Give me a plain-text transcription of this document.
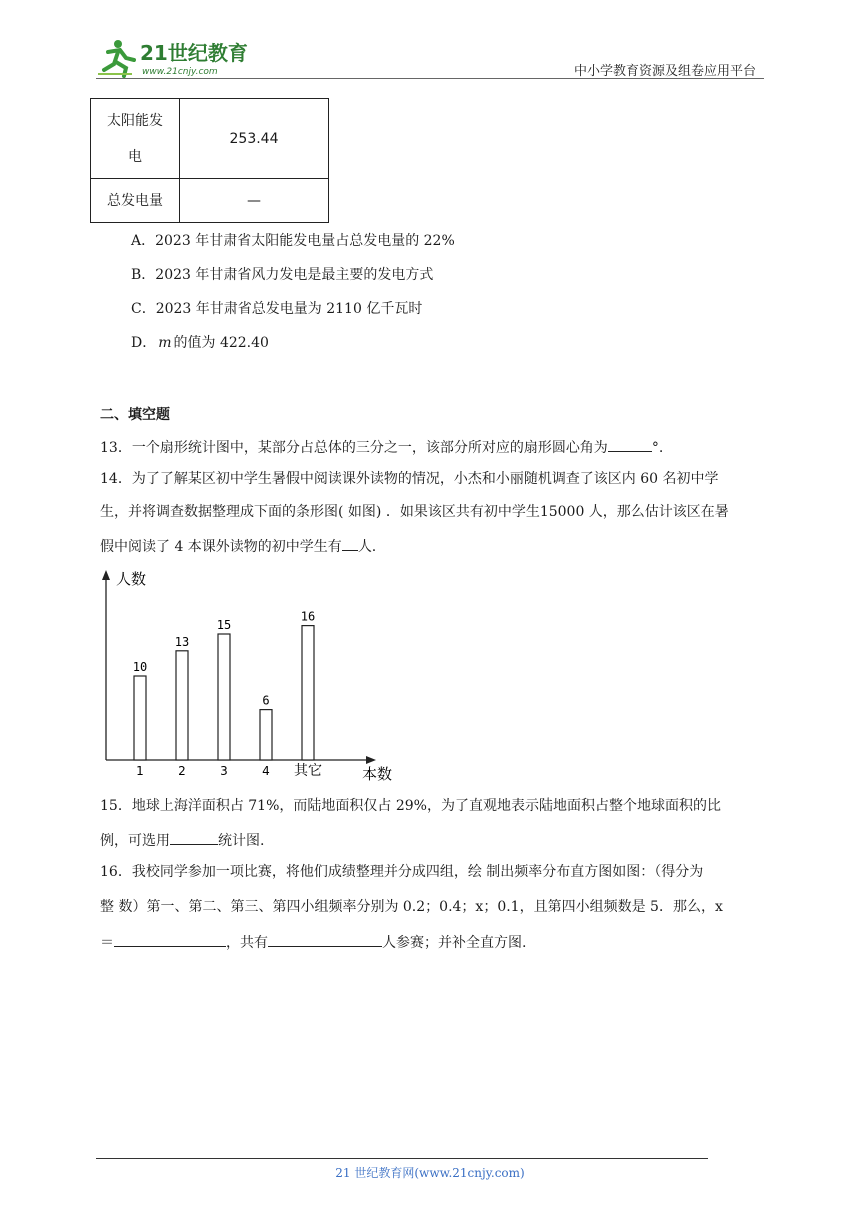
21世纪教育
www.21cnjy.com	中小学教育资源及组卷应用平台
太阳能发
电	253.44
总发电量	—
A．2023 年甘肃省太阳能发电量占总发电量的 22%
B．2023 年甘肃省风力发电是最主要的发电方式
C．2023 年甘肃省总发电量为 2110 亿千瓦时
D． m 的值为 422.40
二、填空题
13．一个扇形统计图中，某部分占总体的三分之一，该部分所对应的扇形圆心角为	°.
14．为了了解某区初中学生暑假中阅读课外读物的情况，小杰和小丽随机调查了该区内 60 名初中学
生，并将调查数据整理成下面的条形图( 如图) ．如果该区共有初中学生15000 人，那么估计该区在暑
假中阅读了 4 本课外读物的初中学生有 人.
人数
本数
10
1
13
2
15
3
6
4
16
其它
15．地球上海洋面积占 71%，而陆地面积仅占 29%，为了直观地表示陆地面积占整个地球面积的比
例，可选用	统计图.
16．我校同学参加一项比赛，将他们成绩整理并分成四组，绘 制出频率分布直方图如图：（得分为
整 数）第一、第二、第三、第四小组频率分别为 0.2；0.4；x；0.1，且第四小组频数是 5．那么，x
＝	，共有	人参赛；并补全直方图.
21 世纪教育网(www.21cnjy.com)
